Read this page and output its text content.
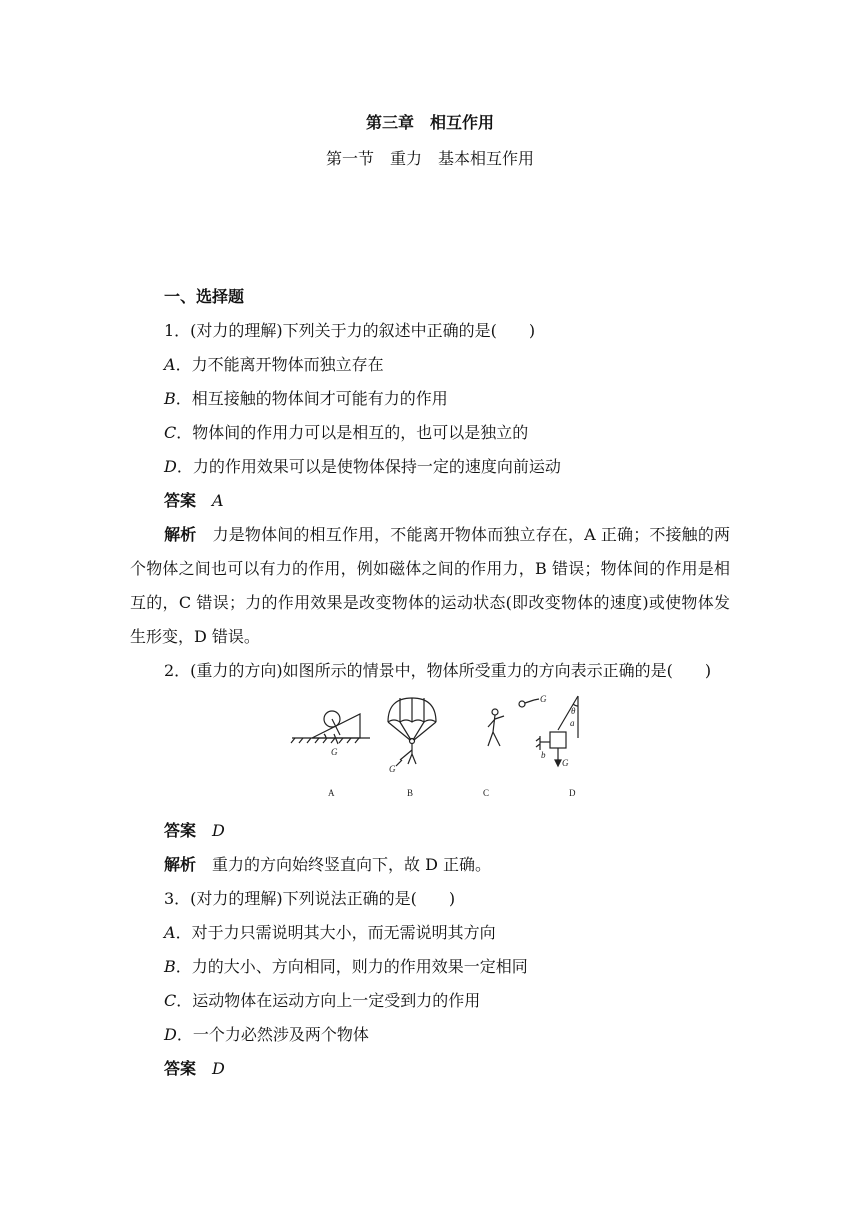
第三章　相互作用
第一节　重力　基本相互作用
一、选择题
1．(对力的理解)下列关于力的叙述中正确的是(　　)
A．力不能离开物体而独立存在
B．相互接触的物体间才可能有力的作用
C．物体间的作用力可以是相互的，也可以是独立的
D．力的作用效果可以是使物体保持一定的速度向前运动
答案　 A
解析　 力是物体间的相互作用，不能离开物体而独立存在，A 正确；不接触的两个物体之间也可以有力的作用，例如磁体之间的作用力，B 错误；物体间的作用是相互的，C 错误；力的作用效果是改变物体的运动状态(即改变物体的速度)或使物体发生形变，D 错误。
2．(重力的方向)如图所示的情景中，物体所受重力的方向表示正确的是(　　)
G
G
G
G
a
b
θ
A	B	C	D
答案　 D
解析　 重力的方向始终竖直向下，故 D 正确。
3．(对力的理解)下列说法正确的是(　　)
A．对于力只需说明其大小，而无需说明其方向
B．力的大小、方向相同，则力的作用效果一定相同
C．运动物体在运动方向上一定受到力的作用
D．一个力必然涉及两个物体
答案　 D
